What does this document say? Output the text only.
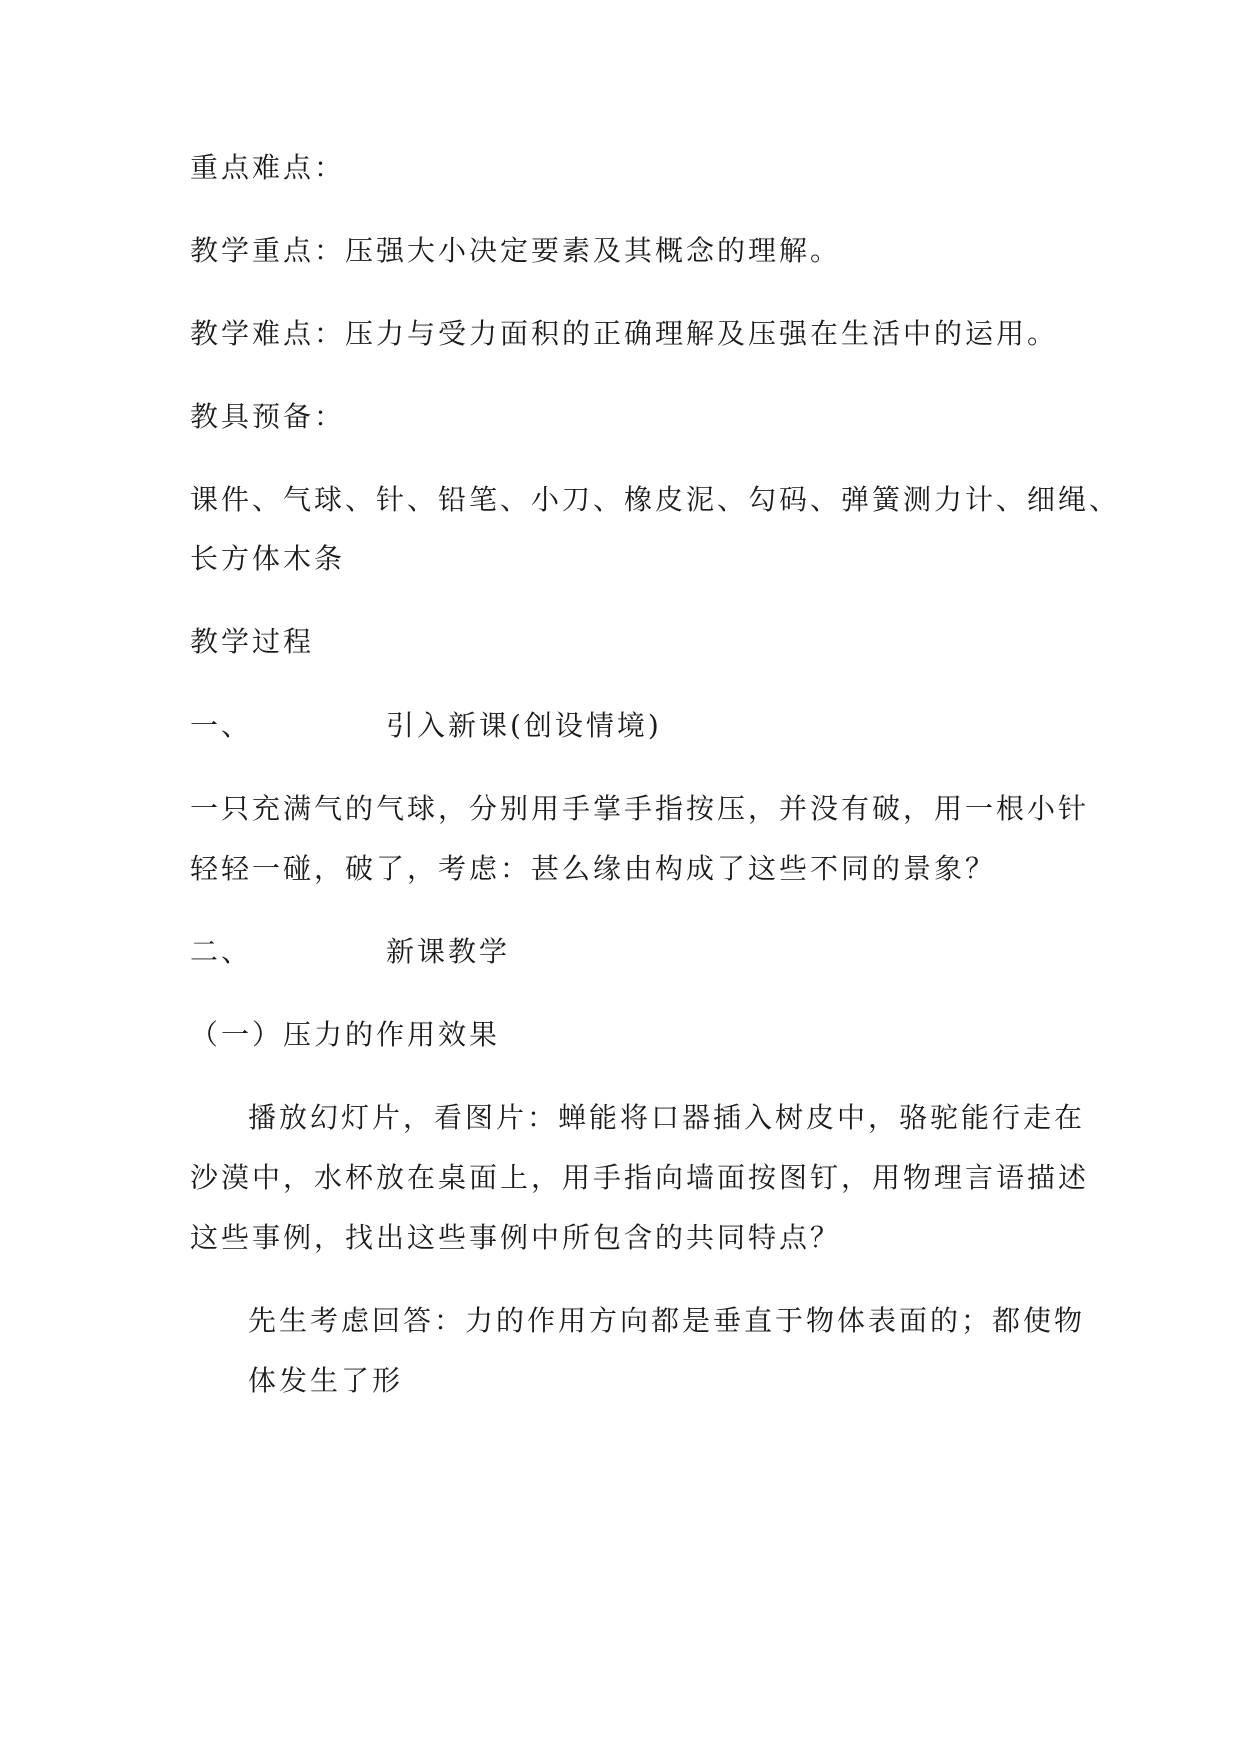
重点难点：
教学重点：压强大小决定要素及其概念的理解。
教学难点：压力与受力面积的正确理解及压强在生活中的运用。
教具预备：
课件、气球、针、铅笔、小刀、橡皮泥、勾码、弹簧测力计、细绳、
长方体木条
教学过程
一、	引入新课(创设情境)
一只充满气的气球，分别用手掌手指按压，并没有破，用一根小针
轻轻一碰，破了，考虑：甚么缘由构成了这些不同的景象？
二、	新课教学
（一）压力的作用效果
播放幻灯片，看图片：蝉能将口器插入树皮中，骆驼能行走在
沙漠中，水杯放在桌面上，用手指向墙面按图钉，用物理言语描述
这些事例，找出这些事例中所包含的共同特点？
先生考虑回答：力的作用方向都是垂直于物体表面的；都使物
体发生了形
